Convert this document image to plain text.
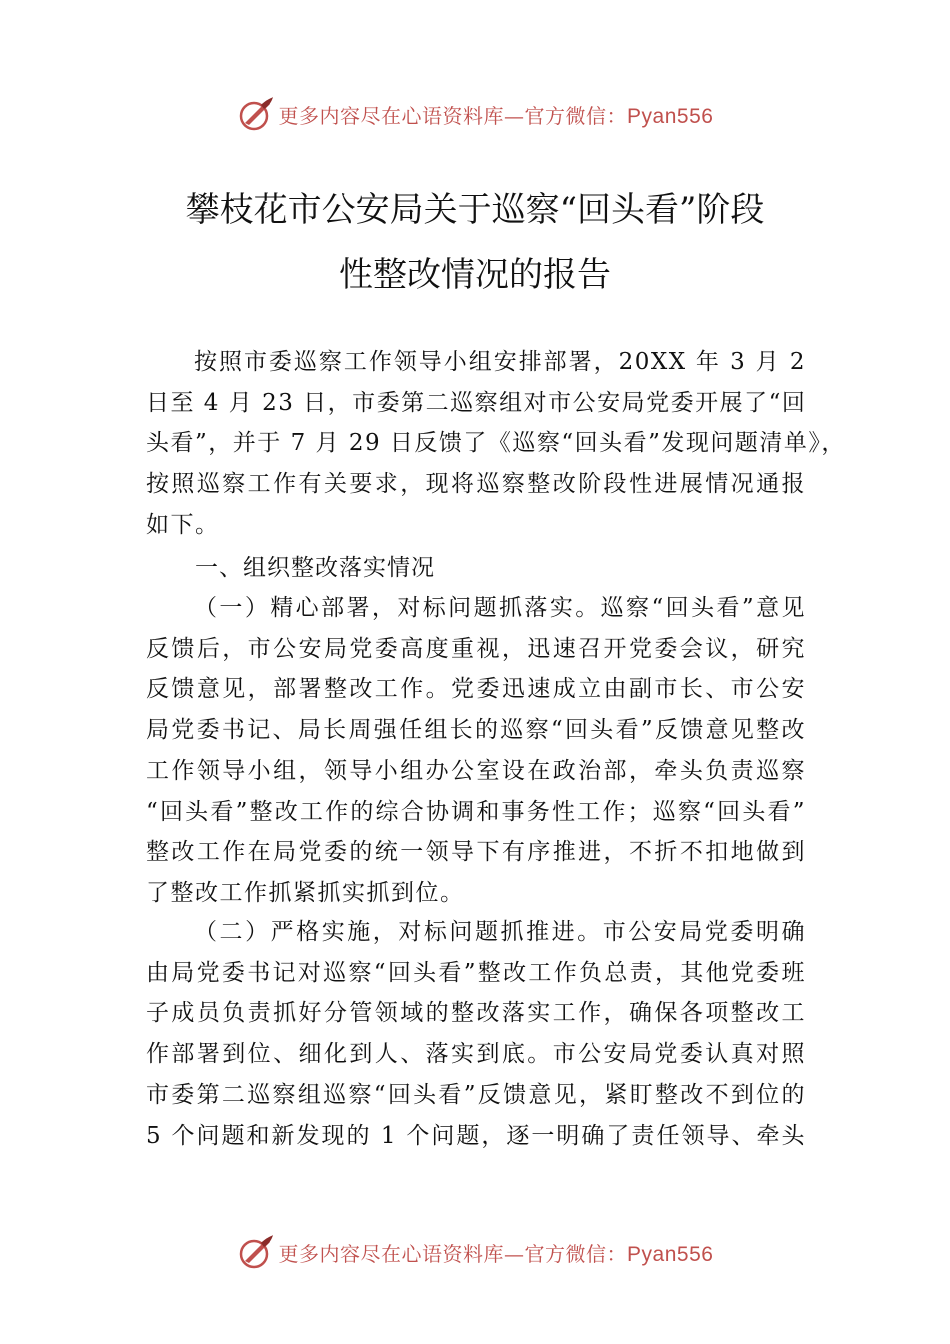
更多内容尽在心语资料库—官方微信：Pyan556
攀枝花市公安局关于巡察“回头看”阶段
性整改情况的报告
按照市委巡察工作领导小组安排部署，20XX 年 3 月 2
日至 4 月 23 日，市委第二巡察组对市公安局党委开展了“回
头看”，并于 7 月 29 日反馈了《巡察“回头看”发现问题清单》，
按照巡察工作有关要求，现将巡察整改阶段性进展情况通报
如下。
一、组织整改落实情况
（一）精心部署，对标问题抓落实。巡察“回头看”意见
反馈后，市公安局党委高度重视，迅速召开党委会议，研究
反馈意见，部署整改工作。党委迅速成立由副市长、市公安
局党委书记、局长周强任组长的巡察“回头看”反馈意见整改
工作领导小组，领导小组办公室设在政治部，牵头负责巡察
“回头看”整改工作的综合协调和事务性工作；巡察“回头看”
整改工作在局党委的统一领导下有序推进，不折不扣地做到
了整改工作抓紧抓实抓到位。
（二）严格实施，对标问题抓推进。市公安局党委明确
由局党委书记对巡察“回头看”整改工作负总责，其他党委班
子成员负责抓好分管领域的整改落实工作，确保各项整改工
作部署到位、细化到人、落实到底。市公安局党委认真对照
市委第二巡察组巡察“回头看”反馈意见，紧盯整改不到位的
5 个问题和新发现的 1 个问题，逐一明确了责任领导、牵头
更多内容尽在心语资料库—官方微信：Pyan556
